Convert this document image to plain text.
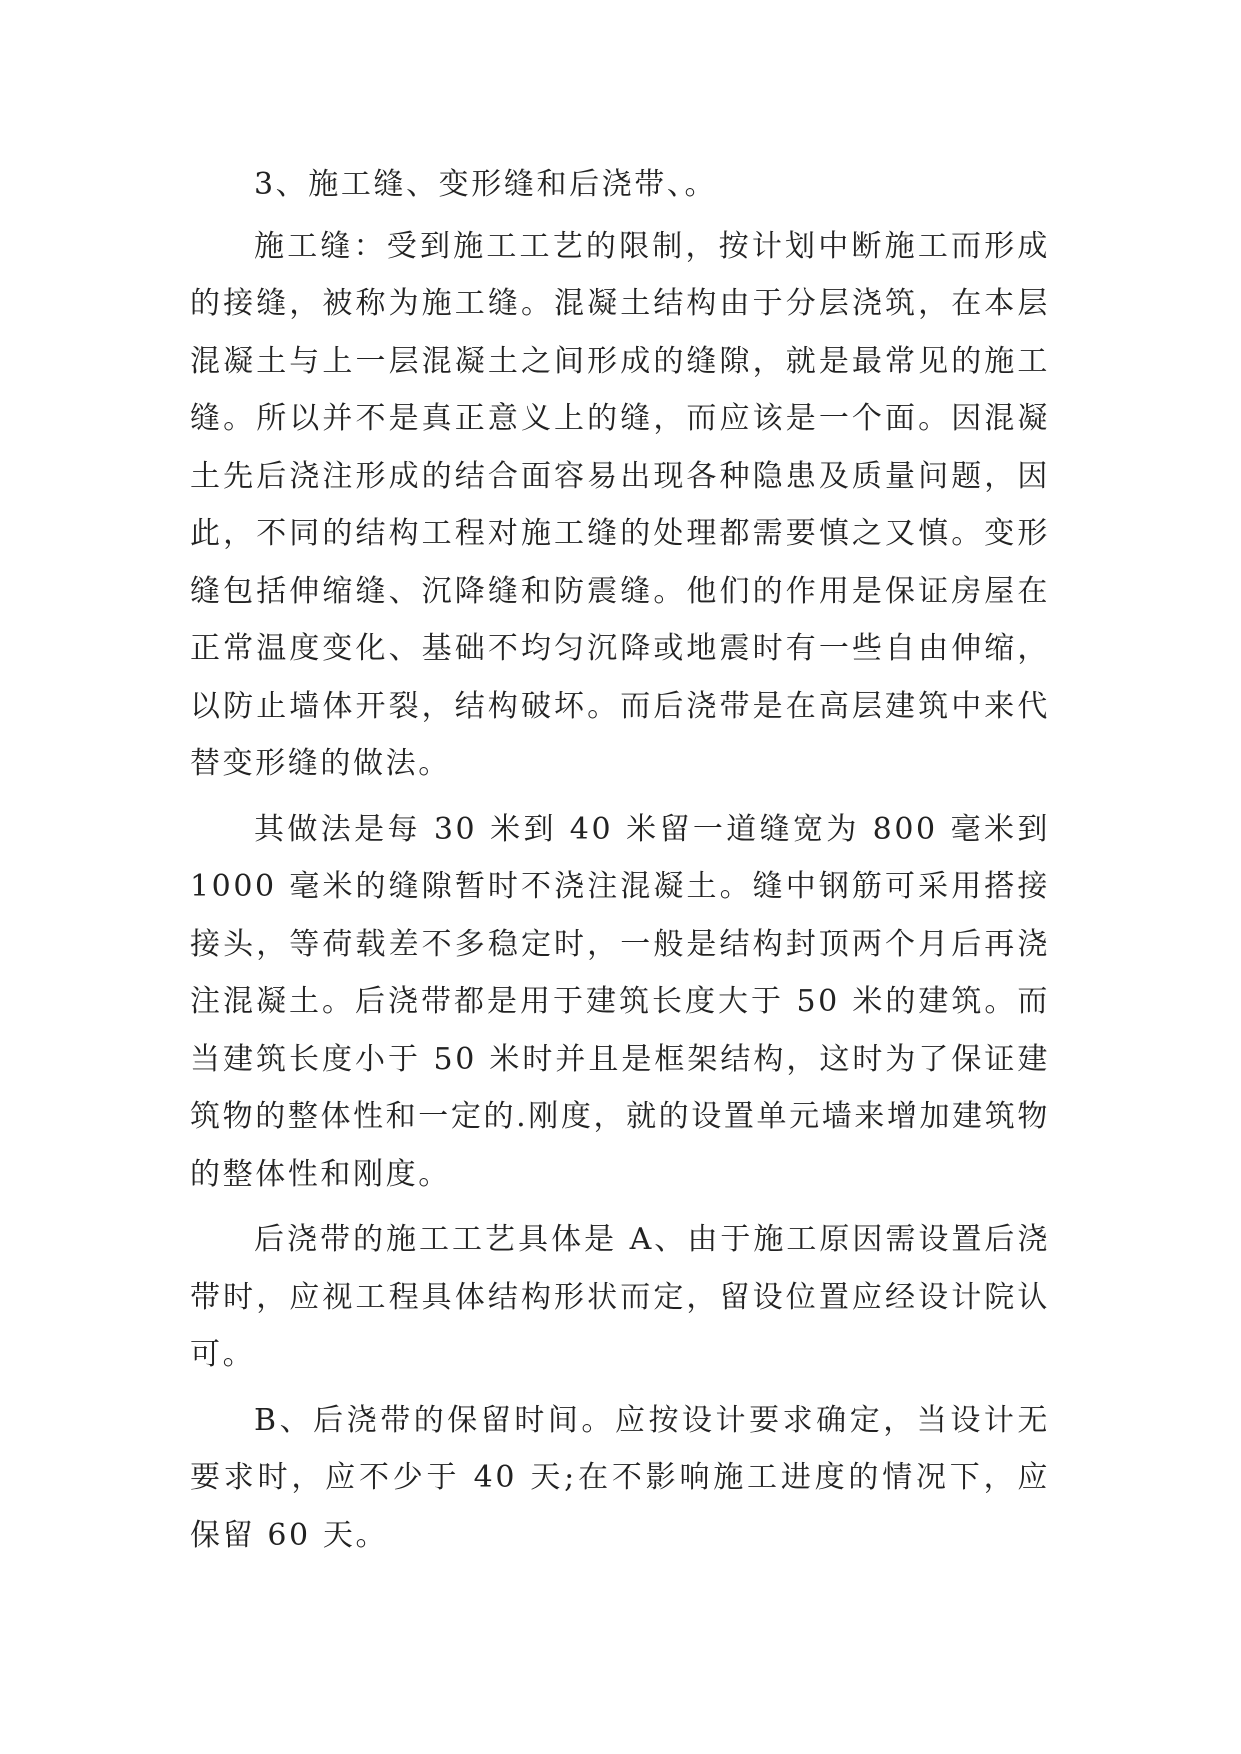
3、施工缝、变形缝和后浇带、。

施工缝：受到施工工艺的限制，按计划中断施工而形成的接缝，被称为施工缝。混凝土结构由于分层浇筑，在本层混凝土与上一层混凝土之间形成的缝隙，就是最常见的施工缝。所以并不是真正意义上的缝，而应该是一个面。因混凝土先后浇注形成的结合面容易出现各种隐患及质量问题，因此，不同的结构工程对施工缝的处理都需要慎之又慎。变形缝包括伸缩缝、沉降缝和防震缝。他们的作用是保证房屋在正常温度变化、基础不均匀沉降或地震时有一些自由伸缩，以防止墙体开裂，结构破坏。而后浇带是在高层建筑中来代替变形缝的做法。

其做法是每 30 米到 40 米留一道缝宽为 800 毫米到 1000 毫米的缝隙暂时不浇注混凝土。缝中钢筋可采用搭接接头，等荷载差不多稳定时，一般是结构封顶两个月后再浇注混凝土。后浇带都是用于建筑长度大于 50 米的建筑。而当建筑长度小于 50 米时并且是框架结构，这时为了保证建筑物的整体性和一定的.刚度，就的设置单元墙来增加建筑物的整体性和刚度。

后浇带的施工工艺具体是 A、由于施工原因需设置后浇带时，应视工程具体结构形状而定，留设位置应经设计院认可。

B、后浇带的保留时间。应按设计要求确定，当设计无要求时，应不少于 40 天;在不影响施工进度的情况下，应保留 60 天。
